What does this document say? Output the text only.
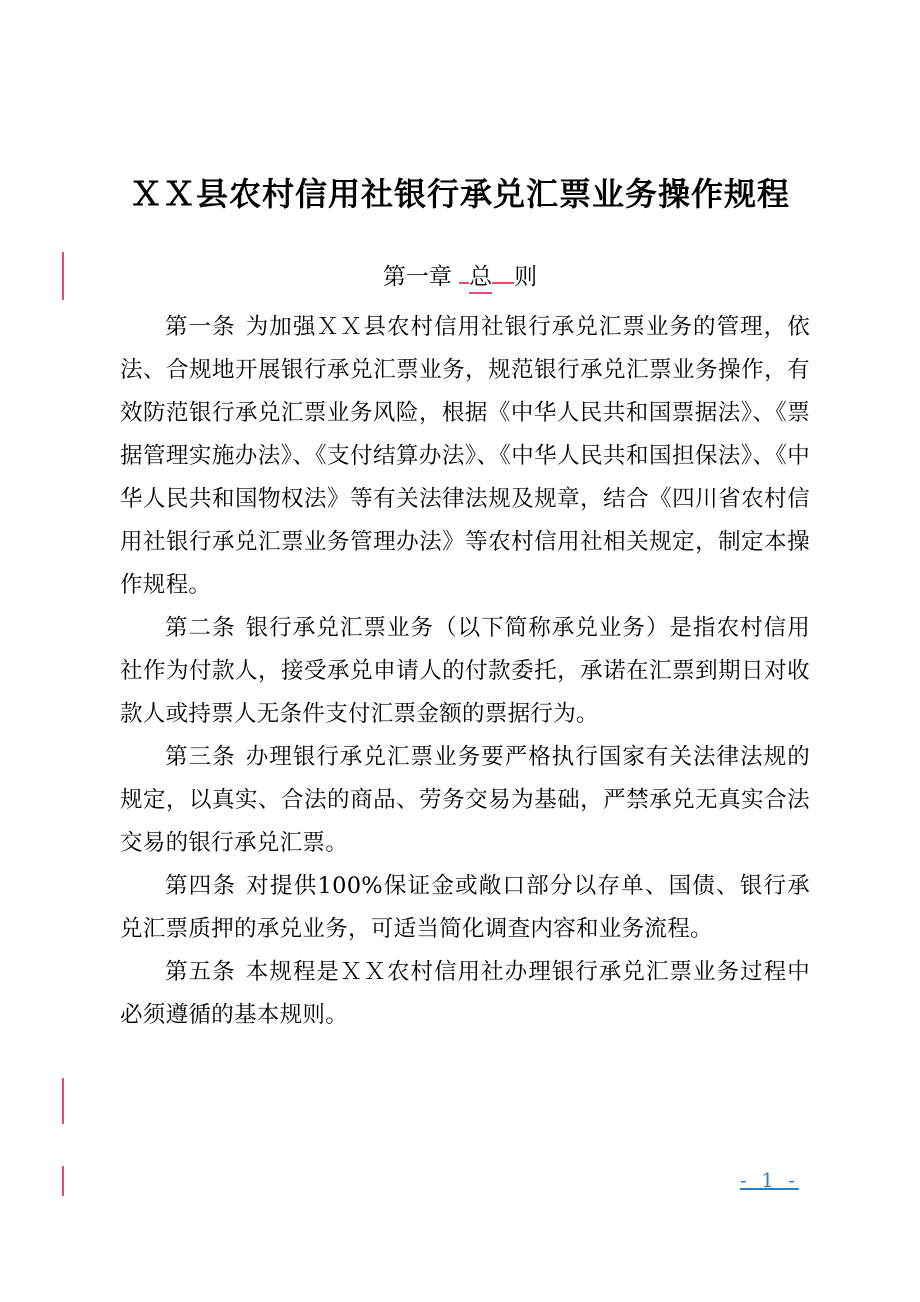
ＸＸ县农村信用社银行承兑汇票业务操作规程
第一章 总 则

第一条 为加强ＸＸ县农村信用社银行承兑汇票业务的管理，依法、合规地开展银行承兑汇票业务，规范银行承兑汇票业务操作，有效防范银行承兑汇票业务风险，根据《中华人民共和国票据法》、《票据管理实施办法》、《支付结算办法》、《中华人民共和国担保法》、《中华人民共和国物权法》等有关法律法规及规章，结合《四川省农村信用社银行承兑汇票业务管理办法》等农村信用社相关规定，制定本操作规程。

第二条 银行承兑汇票业务（以下简称承兑业务）是指农村信用社作为付款人，接受承兑申请人的付款委托，承诺在汇票到期日对收款人或持票人无条件支付汇票金额的票据行为。

第三条 办理银行承兑汇票业务要严格执行国家有关法律法规的规定，以真实、合法的商品、劳务交易为基础，严禁承兑无真实合法交易的银行承兑汇票。

第四条 对提供100%保证金或敞口部分以存单、国债、银行承兑汇票质押的承兑业务，可适当简化调查内容和业务流程。

第五条 本规程是ＸＸ农村信用社办理银行承兑汇票业务过程中必须遵循的基本规则。

- 1 -
